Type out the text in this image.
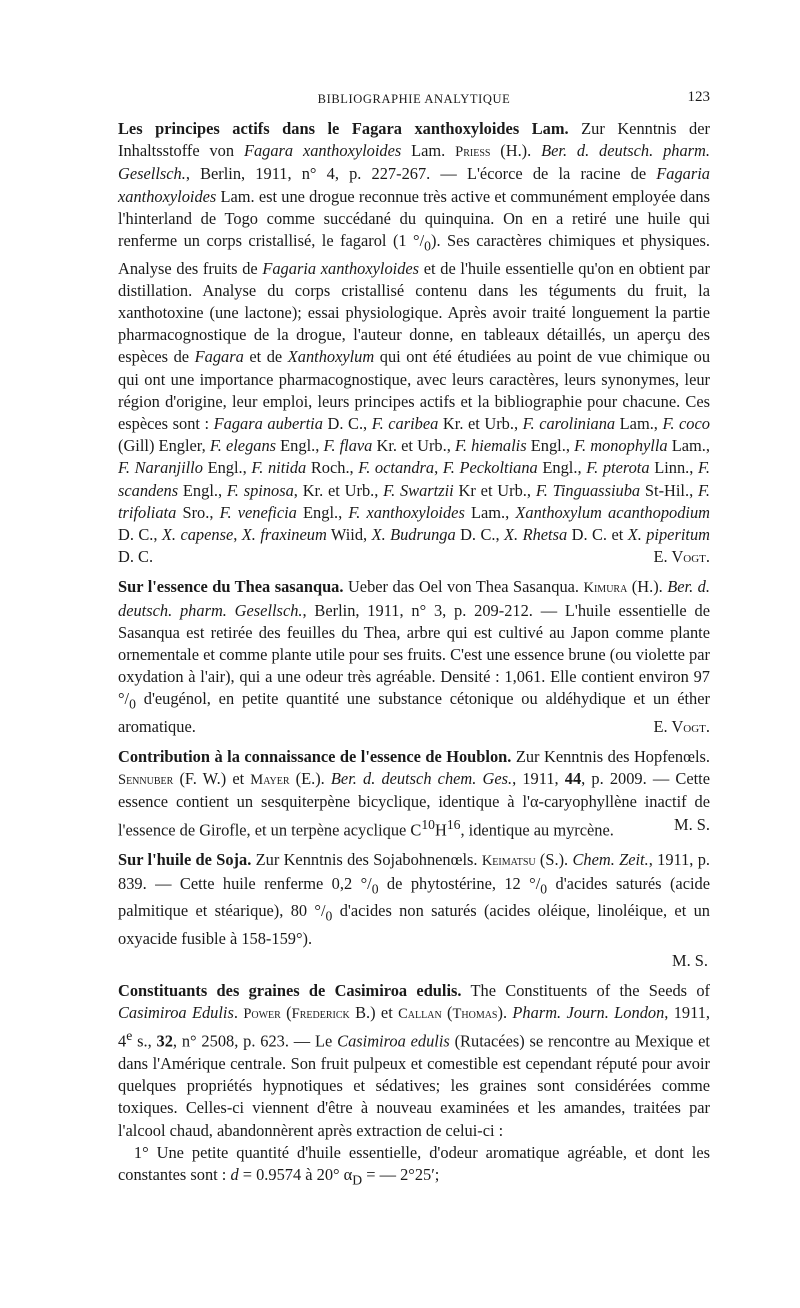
BIBLIOGRAPHIE ANALYTIQUE	123

Les principes actifs dans le Fagara xanthoxyloides Lam. Zur Kenntnis der Inhaltsstoffe von Fagara xanthoxyloides Lam. Priess (H.). Ber. d. deutsch. pharm. Gesellsch., Berlin, 1911, n° 4, p. 227-267. — L'écorce de la racine de Fagaria xanthoxyloides Lam. est une drogue reconnue très active et communément employée dans l'hinterland de Togo comme succédané du quinquina. On en a retiré une huile qui renferme un corps cristallisé, le fagarol (1 $^\circ/_0$). Ses caractères chimiques et physiques. Analyse des fruits de Fagaria xanthoxyloides et de l'huile essentielle qu'on en obtient par distillation. Analyse du corps cristallisé contenu dans les téguments du fruit, la xanthotoxine (une lactone); essai physiologique. Après avoir traité longuement la partie pharmacognostique de la drogue, l'auteur donne, en tableaux détaillés, un aperçu des espèces de Fagara et de Xanthoxylum qui ont été étudiées au point de vue chimique ou qui ont une importance pharmacognostique, avec leurs caractères, leurs synonymes, leur région d'origine, leur emploi, leurs principes actifs et la bibliographie pour chacune. Ces espèces sont : Fagara aubertia D. C., F. caribea Kr. et Urb., F. caroliniana Lam., F. coco (Gill) Engler, F. elegans Engl., F. flava Kr. et Urb., F. hiemalis Engl., F. monophylla Lam., F. Naranjillo Engl., F. nitida Roch., F. octandra, F. Peckoltiana Engl., F. pterota Linn., F. scandens Engl., F. spinosa, Kr. et Urb., F. Swartzii Kr et Urb., F. Tinguassiuba St-Hil., F. trifoliata Sro., F. veneficia Engl., F. xanthoxyloides Lam., Xanthoxylum acanthopodium D. C., X. capense, X. fraxineum Wiid, X. Budrunga D. C., X. Rhetsa D. C. et X. piperitum D. C.	E. Vogt.

Sur l'essence du Thea sasanqua. Ueber das Oel von Thea Sasanqua. Kimura (H.). Ber. d. deutsch. pharm. Gesellsch., Berlin, 1911, n° 3, p. 209-212. — L'huile essentielle de Sasanqua est retirée des feuilles du Thea, arbre qui est cultivé au Japon comme plante ornementale et comme plante utile pour ses fruits. C'est une essence brune (ou violette par oxydation à l'air), qui a une odeur très agréable. Densité : 1,061. Elle contient environ 97 $^\circ/_0$ d'eugénol, en petite quantité une substance cétonique ou aldéhydique et un éther aromatique.	E. Vogt.

Contribution à la connaissance de l'essence de Houblon. Zur Kenntnis des Hopfenœls. Sennuber (F. W.) et Mayer (E.). Ber. d. deutsch chem. Ges., 1911, 44, p. 2009. — Cette essence contient un sesquiterpène bicyclique, identique à l'α-caryophyllène inactif de l'essence de Girofle, et un terpène acyclique $C^{10}H^{16}$, identique au myrcène.	M. S.

Sur l'huile de Soja. Zur Kenntnis des Sojabohnenœls. Keimatsu (S.). Chem. Zeit., 1911, p. 839. — Cette huile renferme 0,2 $^\circ/_0$ de phytostérine, 12 $^\circ/_0$ d'acides saturés (acide palmitique et stéarique), 80 $^\circ/_0$ d'acides non saturés (acides oléique, linoléique, et un oxyacide fusible à 158-159°).

M. S.

Constituants des graines de Casimiroa edulis. The Constituents of the Seeds of Casimiroa Edulis. Power (Frederick B.) et Callan (Thomas). Pharm. Journ. London, 1911, 4e s., 32, n° 2508, p. 623. — Le Casimiroa edulis (Rutacées) se rencontre au Mexique et dans l'Amérique centrale. Son fruit pulpeux et comestible est cependant réputé pour avoir quelques propriétés hypnotiques et sédatives; les graines sont considérées comme toxiques. Celles-ci viennent d'être à nouveau examinées et les amandes, traitées par l'alcool chaud, abandonnèrent après extraction de celui-ci :

1° Une petite quantité d'huile essentielle, d'odeur aromatique agréable, et dont les constantes sont : d = 0.9574 à 20° $\alpha_D$ = — 2°25′;
